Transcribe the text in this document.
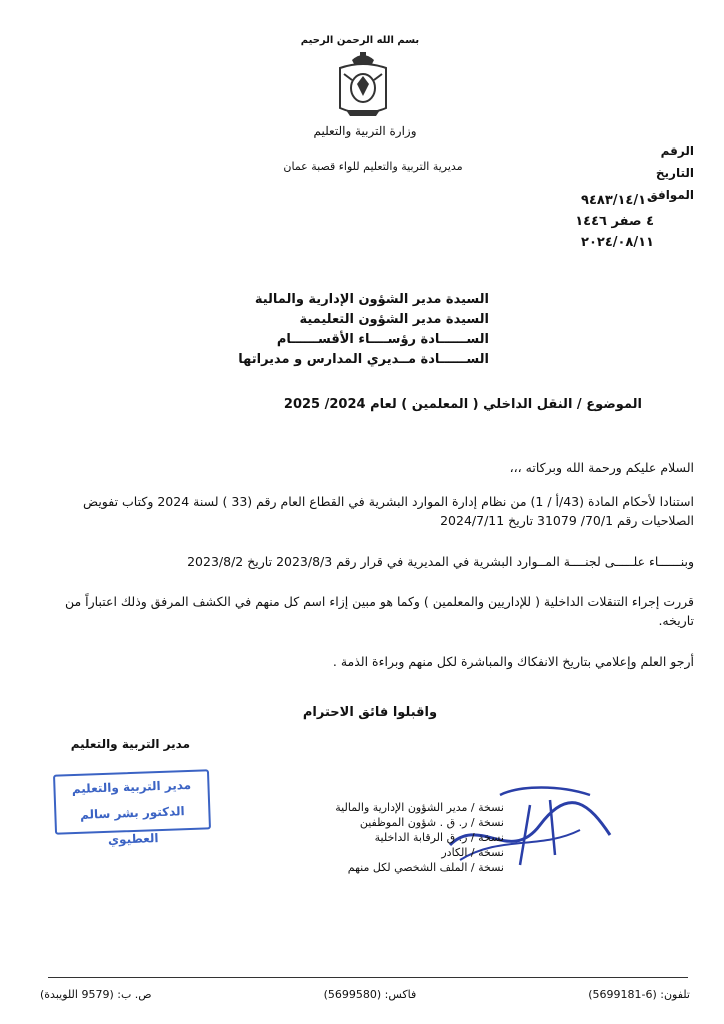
بسم الله الرحمن الرحيم
وزارة التربية والتعليم
مديرية التربية والتعليم للواء قصبة عمان
الرقم
التاريخ
الموافق
٩٤٨٣/١٤/١٠
٤ صفر ١٤٤٦
٢٠٢٤/٠٨/١١
السيدة مدير الشؤون الإدارية والمالية
السيدة مدير الشؤون التعليمية
الســــــادة رؤســــاء الأقســــــام
الســــــادة مــديري المدارس و مديراتها
الموضوع / النقل الداخلي ( المعلمين ) لعام 2024/ 2025
السلام عليكم ورحمة الله وبركاته ،،،
استنادا لأحكام المادة (43/أ / 1) من نظام إدارة الموارد البشرية في القطاع العام رقم (33 ) لسنة 2024 وكتاب تفويض الصلاحيات رقم 70/1/ 31079 تاريخ 2024/7/11
وبنــــــاء علـــــى لجنــــة المــوارد البشرية في المديرية في قرار رقم 2023/8/3 تاريخ 2023/8/2
قررت إجراء التنقلات الداخلية ( للإداريين والمعلمين ) وكما هو مبين إزاء اسم كل منهم في الكشف المرفق وذلك اعتباراً من تاريخه.
أرجو العلم وإعلامي بتاريخ الانفكاك والمباشرة لكل منهم وبراءة الذمة .
واقبلوا فائق الاحترام
مدير التربية والتعليم
مدير التربية والتعليم
الدكتور بشر سالم العطيوي
نسخة / مدير الشؤون الإدارية والمالية
نسخة / ر. ق . شؤون الموظفين
نسخة / ر. ق الرقابة الداخلية
نسخة / الكادر
نسخة / الملف الشخصي لكل منهم
تلفون: (6-5699181)
فاكس: (5699580)
ص. ب: (9579 اللويبدة)
